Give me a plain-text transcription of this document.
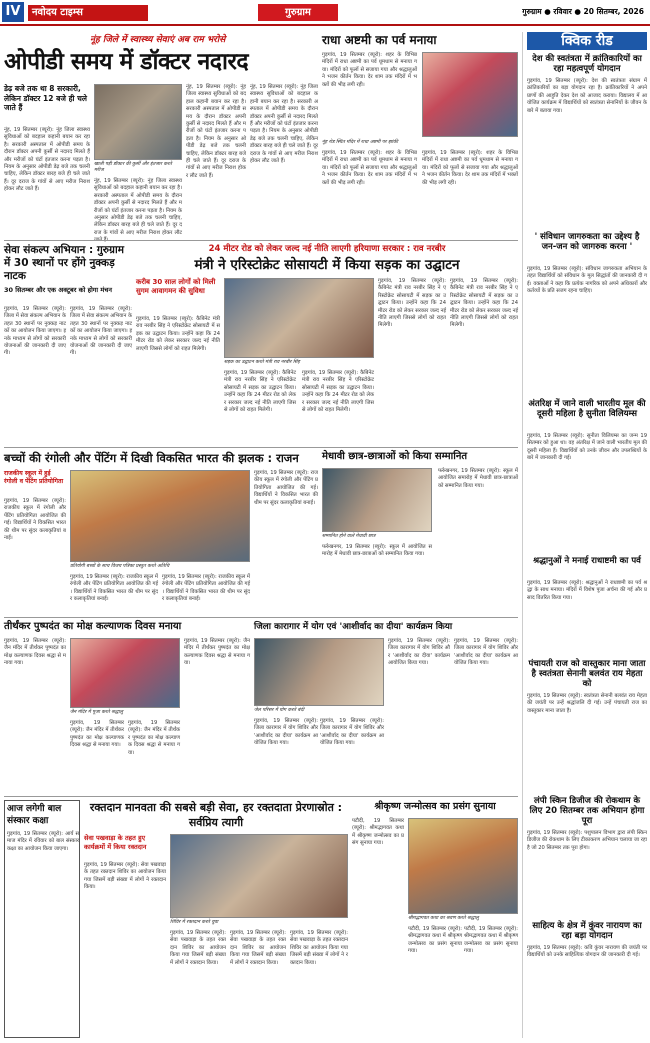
IV	नवोदय टाइम्स	गुरुग्राम	गुरुग्राम ● रविवार ● 20 सितम्बर, 2026
नूंह जिले में स्वास्थ्य सेवाएं अब राम भरोसे
ओपीडी समय में डॉक्टर नदारद
डेढ़ बजे तक था 8 सरकारी, लेकिन डॉक्टर 12 बजे ही चले जाते हैं
नूंह, 19 सितम्बर (ब्यूरो): नूंह जिला स्वास्थ्य सुविधाओं को बदहाल कहानी बयान कर रहा है। सरकारी अस्पताल में ओपीडी समय के दौरान डॉक्टर अपनी कुर्सी से नदारद मिलते हैं और मरीजों को घंटों इंतजार करना पड़ता है। नियम के अनुसार ओपीडी डेढ़ बजे तक चलनी चाहिए, लेकिन डॉक्टर बारह बजे ही चले जाते हैं। दूर दराज के गांवों से आए मरीज निराश होकर लौट जाते हैं।
खाली पड़ी डॉक्टर की कुर्सी और इंतजार करते मरीज
नूंह, 19 सितम्बर (ब्यूरो): नूंह जिला स्वास्थ्य सुविधाओं को बदहाल कहानी बयान कर रहा है। सरकारी अस्पताल में ओपीडी समय के दौरान डॉक्टर अपनी कुर्सी से नदारद मिलते हैं और मरीजों को घंटों इंतजार करना पड़ता है। नियम के अनुसार ओपीडी डेढ़ बजे तक चलनी चाहिए, लेकिन डॉक्टर बारह बजे ही चले जाते हैं। दूर दराज के गांवों से आए मरीज निराश होकर लौट
नूंह, 19 सितम्बर (ब्यूरो): नूंह जिला स्वास्थ्य सुविधाओं को बदहाल कहानी बयान कर रहा है। सरकारी अस्पताल में ओपीडी समय के दौरान डॉक्टर अपनी कुर्सी से नदारद मिलते हैं और मरीजों को घंटों इंतजार करना पड़ता है। नियम के अनुसार ओपीडी डेढ़ बजे तक चलनी चाहिए, लेकिन डॉक्टर बारह बजे ही चले जाते हैं। दूर दराज के गांवों से आए मरीज निराश होकर लौट जाते हैं।
नूंह, 19 सितम्बर (ब्यूरो): नूंह जिला स्वास्थ्य सुविधाओं को बदहाल कहानी बयान कर रहा है। सरकारी अस्पताल में ओपीडी समय के दौरान डॉक्टर अपनी कुर्सी से नदारद मिलते हैं और मरीजों को घंटों इंतजार करना पड़ता है। नियम के अनुसार ओपीडी डेढ़ बजे तक चलनी चाहिए, लेकिन डॉक्टर बारह बजे ही चले जाते हैं। दूर दराज के गांवों से आए मरीज निराश होकर लौट जाते हैं।
राधा अष्टमी का पर्व मनाया
गुड़गांव, 19 सितम्बर (ब्यूरो): शहर के विभिन्न मंदिरों में राधा अष्टमी का पर्व धूमधाम से मनाया गया। मंदिरों को फूलों से सजाया गया और श्रद्धालुओं ने भजन कीर्तन किया। देर शाम तक मंदिरों में भक्तों की भीड़ लगी रही।
नूंह रोड स्थित मंदिर में राधा अष्टमी पर झांकी
गुड़गांव, 19 सितम्बर (ब्यूरो): शहर के विभिन्न मंदिरों में राधा अष्टमी का पर्व धूमधाम से मनाया गया। मंदिरों को फूलों से सजाया गया और श्रद्धालुओं ने भजन कीर्तन किया। देर शाम तक मंदिरों में भक्तों की भीड़ लगी रही।
गुड़गांव, 19 सितम्बर (ब्यूरो): शहर के विभिन्न मंदिरों में राधा अष्टमी का पर्व धूमधाम से मनाया गया। मंदिरों को फूलों से सजाया गया और श्रद्धालुओं ने भजन कीर्तन किया। देर शाम तक मंदिरों में भक्तों की भीड़ लगी रही।
क्विक रीड
देश की स्वतंत्रता में क्रांतिकारियों का रहा महत्वपूर्ण योगदान
गुड़गांव, 19 सितम्बर (ब्यूरो): देश की स्वतंत्रता संग्राम में क्रांतिकारियों का बड़ा योगदान रहा है। क्रांतिकारियों ने अपने प्राणों की आहुति देकर देश को आजाद कराया। विद्यालय में आयोजित कार्यक्रम में विद्यार्थियों को स्वतंत्रता सेनानियों के जीवन के बारे में बताया गया।
' संविधान जागरुकता का उद्देश्य है जन-जन को जागरुक करना '
गुड़गांव, 19 सितम्बर (ब्यूरो): संविधान जागरुकता अभियान के तहत विद्यार्थियों को संविधान के मूल सिद्धांतों की जानकारी दी गई। वक्ताओं ने कहा कि प्रत्येक नागरिक को अपने अधिकारों और कर्तव्यों के प्रति सजग रहना चाहिए।
अंतरिक्ष में जाने वाली भारतीय मूल की दूसरी महिला है सुनीता विलियम्स
गुड़गांव, 19 सितम्बर (ब्यूरो): सुनीता विलियम्स का जन्म 19 सितम्बर को हुआ था। वह अंतरिक्ष में जाने वाली भारतीय मूल की दूसरी महिला हैं। विद्यार्थियों को उनके जीवन और उपलब्धियों के बारे में जानकारी दी गई।
श्रद्धानुओं ने मनाई राधाष्टमी का पर्व
गुड़गांव, 19 सितम्बर (ब्यूरो): श्रद्धानुओं ने राधाष्टमी का पर्व श्रद्धा के साथ मनाया। मंदिरों में विशेष पूजा अर्चना की गई और प्रसाद वितरित किया गया।
पंचायती राज को वास्तुकार माना जाता है स्वतंत्रता सेनानी बलवंत राय मेहता को
गुड़गांव, 19 सितम्बर (ब्यूरो): स्वतंत्रता सेनानी बलवंत राय मेहता की जयंती पर उन्हें श्रद्धांजलि दी गई। उन्हें पंचायती राज का वास्तुकार माना जाता है।
लंपी स्किन डिजीज की रोकथाम के लिए 20 सितम्बर तक अभियान होगा पूरा
गुड़गांव, 19 सितम्बर (ब्यूरो): पशुपालन विभाग द्वारा लंपी स्किन डिजीज की रोकथाम के लिए टीकाकरण अभियान चलाया जा रहा है जो 20 सितम्बर तक पूरा होगा।
साहित्य के क्षेत्र में कुंवर नारायण का रहा बड़ा योगदान
गुड़गांव, 19 सितम्बर (ब्यूरो): कवि कुंवर नारायण की जयंती पर विद्यार्थियों को उनके साहित्यिक योगदान की जानकारी दी गई।
सेवा संकल्प अभियान : गुरुग्राम में 30 स्थानों पर होंगे नुक्कड़ नाटक
30 सितम्बर और एक अक्टूबर को होगा मंचन
गुड़गांव, 19 सितम्बर (ब्यूरो): जिला में सेवा संकल्प अभियान के तहत 30 स्थानों पर नुक्कड़ नाटकों का आयोजन किया जाएगा। इनके माध्यम से लोगों को सरकारी योजनाओं की जानकारी दी जाएगी।
गुड़गांव, 19 सितम्बर (ब्यूरो): जिला में सेवा संकल्प अभियान के तहत 30 स्थानों पर नुक्कड़ नाटकों का आयोजन किया जाएगा। इनके माध्यम से लोगों को सरकारी योजनाओं की जानकारी दी जाएगी।
24 मीटर रोड को लेकर जल्द नई नीति लाएगी हरियाणा सरकार : राव नरबीर
मंत्री ने एरिस्टोक्रेट सोसायटी में किया सड़क का उद्घाटन
करीब 30 साल लोगों को मिली सुगम आवागमन की सुविधा
गुड़गांव, 19 सितम्बर (ब्यूरो): कैबिनेट मंत्री राव नरबीर सिंह ने एरिस्टोक्रेट सोसायटी में सड़क का उद्घाटन किया। उन्होंने कहा कि 24 मीटर रोड को लेकर सरकार जल्द नई नीति लाएगी जिससे लोगों को राहत मिलेगी।
सड़क का उद्घाटन करते मंत्री राव नरबीर सिंह
गुड़गांव, 19 सितम्बर (ब्यूरो): कैबिनेट मंत्री राव नरबीर सिंह ने एरिस्टोक्रेट सोसायटी में सड़क का उद्घाटन किया। उन्होंने कहा कि 24 मीटर रोड को लेकर सरकार जल्द नई नीति लाएगी जिससे लोगों को राहत मिलेगी।
गुड़गांव, 19 सितम्बर (ब्यूरो): कैबिनेट मंत्री राव नरबीर सिंह ने एरिस्टोक्रेट सोसायटी में सड़क का उद्घाटन किया। उन्होंने कहा कि 24 मीटर रोड को लेकर सरकार जल्द नई नीति लाएगी जिससे लोगों को राहत मिलेगी।
गुड़गांव, 19 सितम्बर (ब्यूरो): कैबिनेट मंत्री राव नरबीर सिंह ने एरिस्टोक्रेट सोसायटी में सड़क का उद्घाटन किया। उन्होंने कहा कि 24 मीटर रोड को लेकर सरकार जल्द नई नीति लाएगी जिससे लोगों को राहत मिलेगी।
गुड़गांव, 19 सितम्बर (ब्यूरो): कैबिनेट मंत्री राव नरबीर सिंह ने एरिस्टोक्रेट सोसायटी में सड़क का उद्घाटन किया। उन्होंने कहा कि 24 मीटर रोड को लेकर सरकार जल्द नई नीति लाएगी जिससे लोगों को राहत मिलेगी।
बच्चों की रंगोली और पेंटिंग में दिखी विकसित भारत की झलक : राजन
राजकीय स्कूल में हुई रंगोली व पेंटिंग प्रतियोगिता
गुड़गांव, 19 सितम्बर (ब्यूरो): राजकीय स्कूल में रंगोली और पेंटिंग प्रतियोगिता आयोजित की गई। विद्यार्थियों ने विकसित भारत की थीम पर सुंदर कलाकृतियां बनाईं।
प्रतियोगी बच्चों के साथ विजय पत्रिका प्रस्तुत करते अतिथि
गुड़गांव, 19 सितम्बर (ब्यूरो): राजकीय स्कूल में रंगोली और पेंटिंग प्रतियोगिता आयोजित की गई। विद्यार्थियों ने विकसित भारत की थीम पर सुंदर कलाकृतियां बनाईं।
गुड़गांव, 19 सितम्बर (ब्यूरो): राजकीय स्कूल में रंगोली और पेंटिंग प्रतियोगिता आयोजित की गई। विद्यार्थियों ने विकसित भारत की थीम पर सुंदर कलाकृतियां बनाईं।
गुड़गांव, 19 सितम्बर (ब्यूरो): राजकीय स्कूल में रंगोली और पेंटिंग प्रतियोगिता आयोजित की गई। विद्यार्थियों ने विकसित भारत की थीम पर सुंदर कलाकृतियां बनाईं।
मेधावी छात्र-छात्राओं को किया सम्मानित
सम्मानित होने वाले मेधावी छात्र
फर्रुखनगर, 19 सितम्बर (ब्यूरो): स्कूल में आयोजित समारोह में मेधावी छात्र-छात्राओं को सम्मानित किया गया।
फर्रुखनगर, 19 सितम्बर (ब्यूरो): स्कूल में आयोजित समारोह में मेधावी छात्र-छात्राओं को सम्मानित किया गया।
तीर्थंकर पुष्पदंत का मोक्ष कल्याणक दिवस मनाया
गुड़गांव, 19 सितम्बर (ब्यूरो): जैन मंदिर में तीर्थंकर पुष्पदंत का मोक्ष कल्याणक दिवस श्रद्धा से मनाया गया।
जैन मंदिर में पूजा करते श्रद्धालु
गुड़गांव, 19 सितम्बर (ब्यूरो): जैन मंदिर में तीर्थंकर पुष्पदंत का मोक्ष कल्याणक दिवस श्रद्धा से मनाया गया।
गुड़गांव, 19 सितम्बर (ब्यूरो): जैन मंदिर में तीर्थंकर पुष्पदंत का मोक्ष कल्याणक दिवस श्रद्धा से मनाया गया।
गुड़गांव, 19 सितम्बर (ब्यूरो): जैन मंदिर में तीर्थंकर पुष्पदंत का मोक्ष कल्याणक दिवस श्रद्धा से मनाया गया।
जिला कारागार में योग एवं 'आशीर्वाद का दीया' कार्यक्रम किया
जेल परिसर में योग करते बंदी
गुड़गांव, 19 सितम्बर (ब्यूरो): जिला कारागार में योग शिविर और 'आशीर्वाद का दीया' कार्यक्रम आयोजित किया गया।
गुड़गांव, 19 सितम्बर (ब्यूरो): जिला कारागार में योग शिविर और 'आशीर्वाद का दीया' कार्यक्रम आयोजित किया गया।
गुड़गांव, 19 सितम्बर (ब्यूरो): जिला कारागार में योग शिविर और 'आशीर्वाद का दीया' कार्यक्रम आयोजित किया गया।
गुड़गांव, 19 सितम्बर (ब्यूरो): जिला कारागार में योग शिविर और 'आशीर्वाद का दीया' कार्यक्रम आयोजित किया गया।
आज लगेगी बाल संस्कार कक्षा
गुड़गांव, 19 सितम्बर (ब्यूरो): आर्य समाज मंदिर में रविवार को बाल संस्कार कक्षा का आयोजन किया जाएगा।
रक्तदान मानवता की सबसे बड़ी सेवा, हर रक्तदाता प्रेरणास्रोत : सर्वप्रिय त्यागी
सेवा पखवाड़ा के तहत हुए कार्यक्रमों में किया रक्तदान
गुड़गांव, 19 सितम्बर (ब्यूरो): सेवा पखवाड़ा के तहत रक्तदान शिविर का आयोजन किया गया जिसमें बड़ी संख्या में लोगों ने रक्तदान किया।
शिविर में रक्तदान करते युवा
गुड़गांव, 19 सितम्बर (ब्यूरो): सेवा पखवाड़ा के तहत रक्तदान शिविर का आयोजन किया गया जिसमें बड़ी संख्या में लोगों ने रक्तदान किया।
गुड़गांव, 19 सितम्बर (ब्यूरो): सेवा पखवाड़ा के तहत रक्तदान शिविर का आयोजन किया गया जिसमें बड़ी संख्या में लोगों ने रक्तदान किया।
गुड़गांव, 19 सितम्बर (ब्यूरो): सेवा पखवाड़ा के तहत रक्तदान शिविर का आयोजन किया गया जिसमें बड़ी संख्या में लोगों ने रक्तदान किया।
श्रीकृष्ण जन्मोत्सव का प्रसंग सुनाया
पटौदी, 19 सितम्बर (ब्यूरो): श्रीमद्भागवत कथा में श्रीकृष्ण जन्मोत्सव का प्रसंग सुनाया गया।
श्रीमद्भागवत कथा का श्रवण करते श्रद्धालु
पटौदी, 19 सितम्बर (ब्यूरो): श्रीमद्भागवत कथा में श्रीकृष्ण जन्मोत्सव का प्रसंग सुनाया गया।
पटौदी, 19 सितम्बर (ब्यूरो): श्रीमद्भागवत कथा में श्रीकृष्ण जन्मोत्सव का प्रसंग सुनाया गया।
